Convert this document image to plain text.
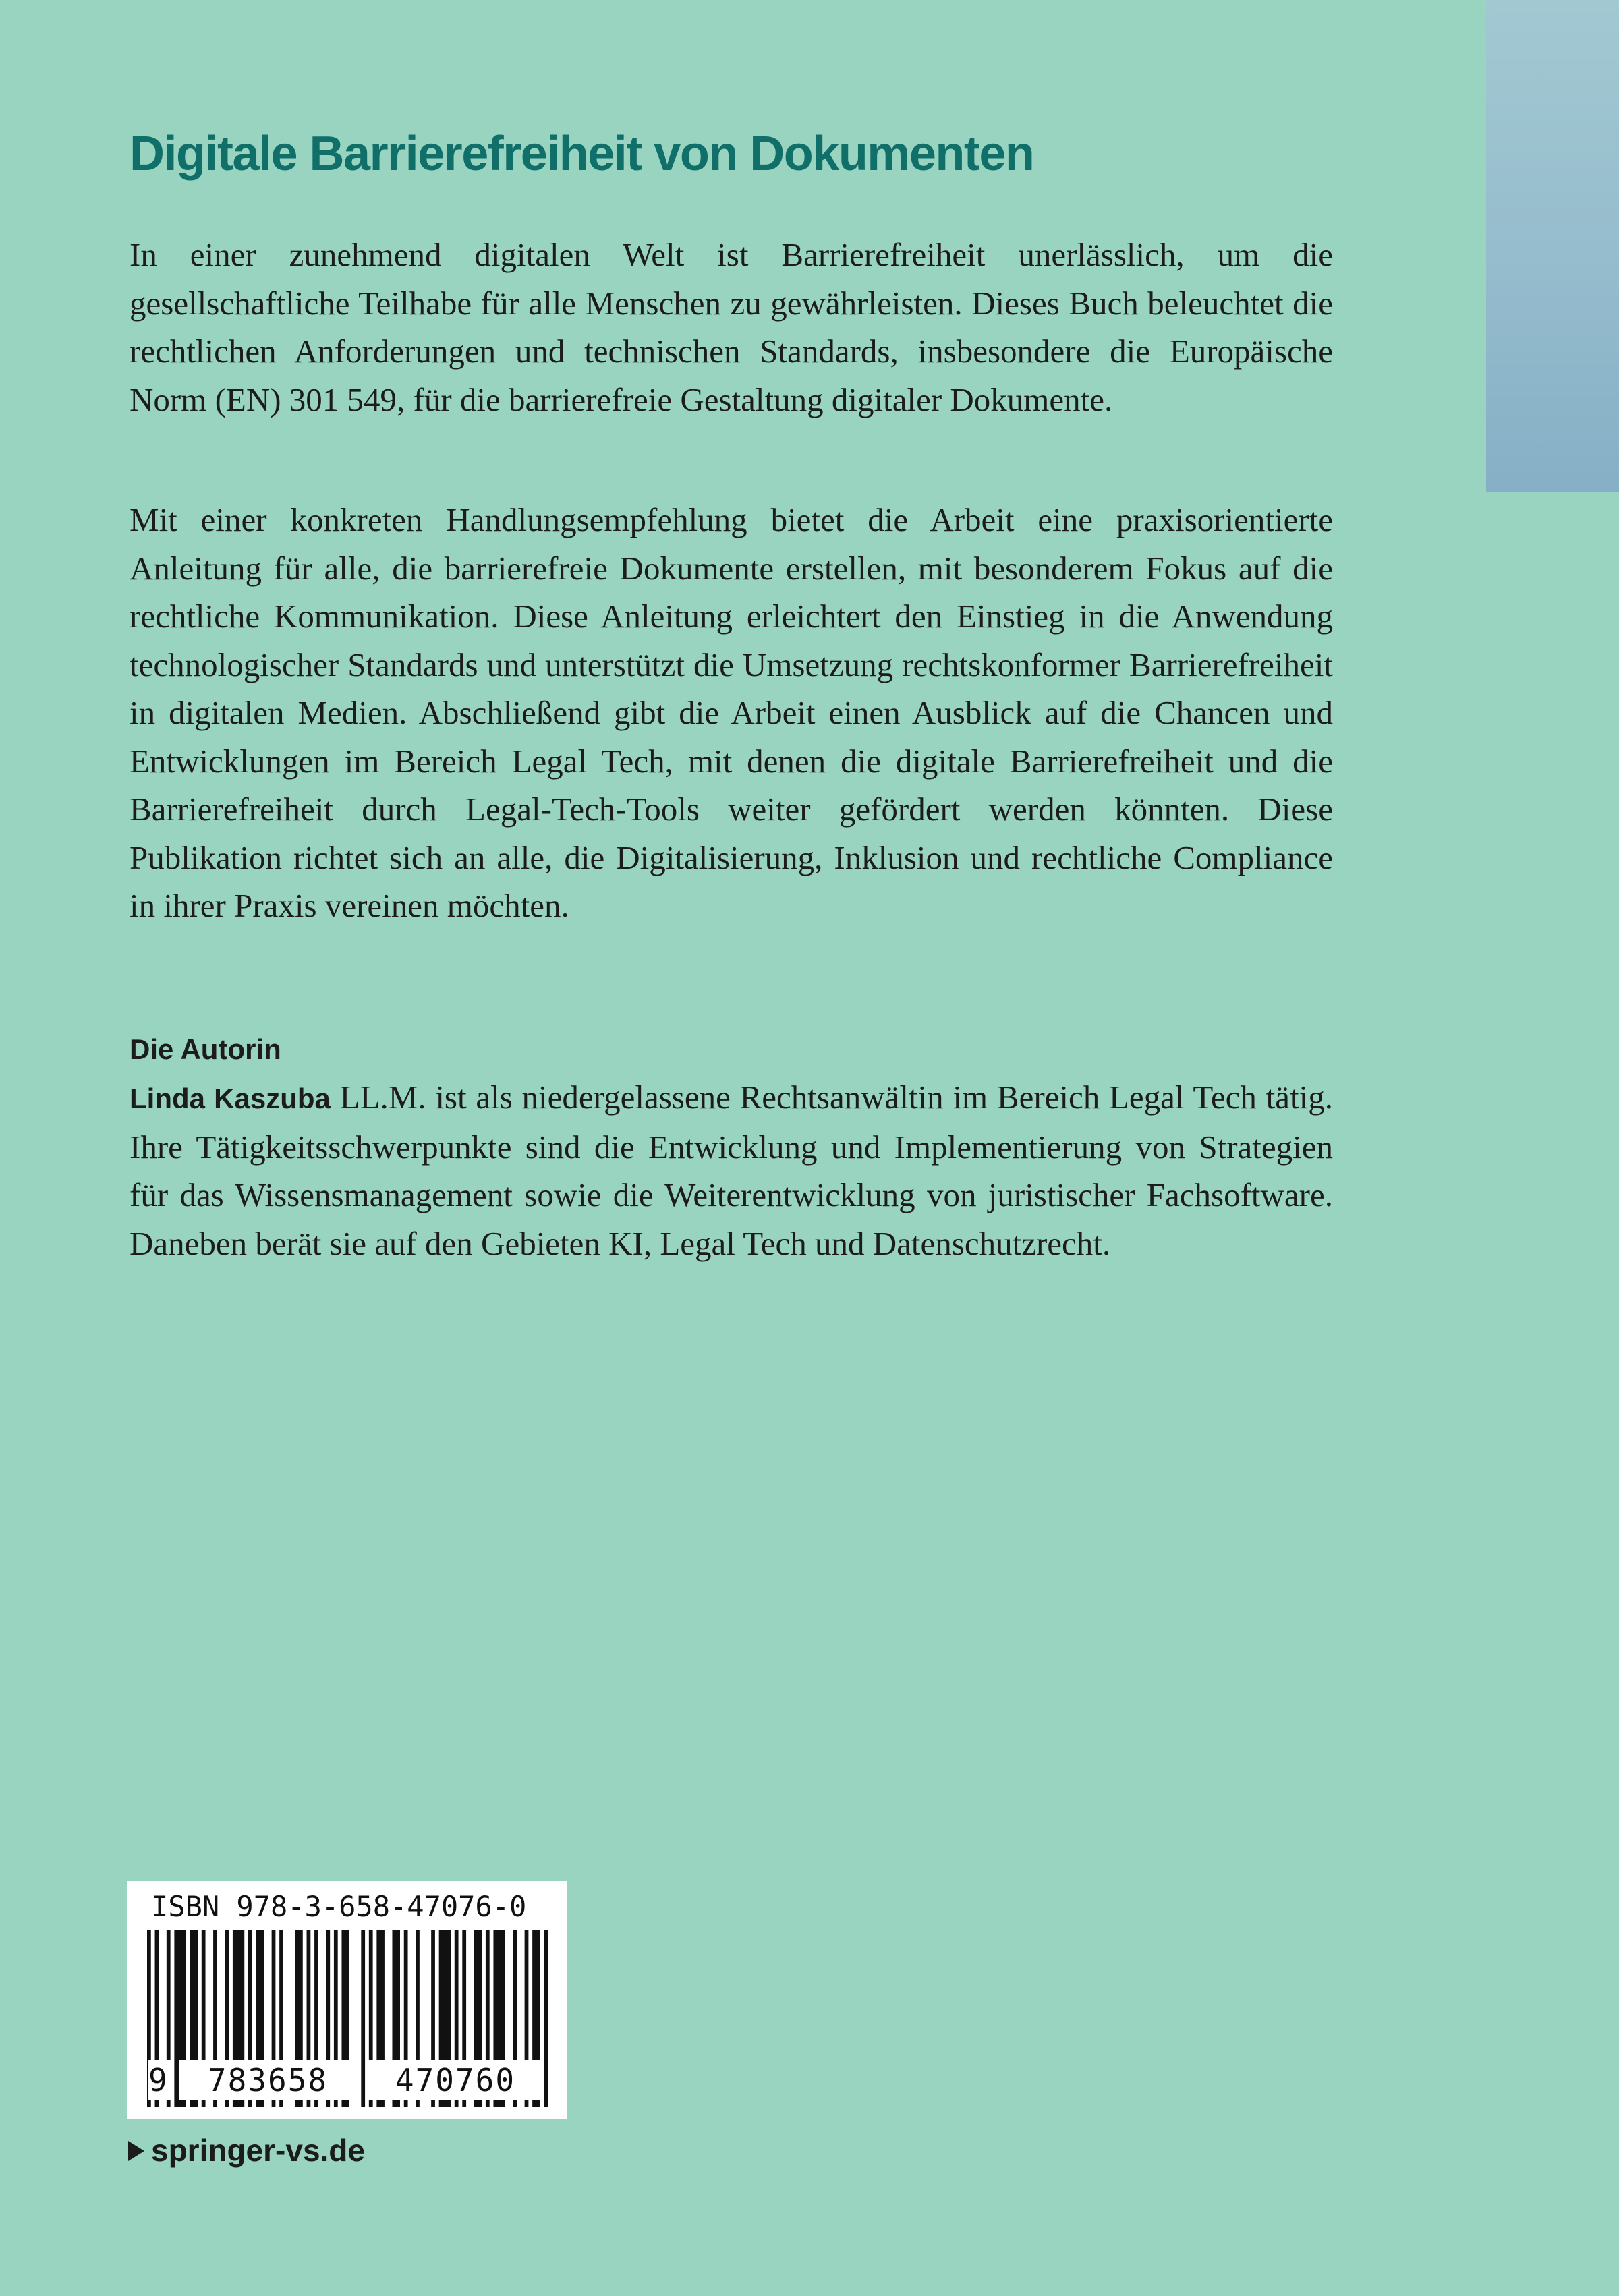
Digitale Barrierefreiheit von Dokumenten

In einer zunehmend digitalen Welt ist Barrierefreiheit unerlässlich, um die gesellschaftliche Teilhabe für alle Menschen zu gewährleisten. Dieses Buch beleuchtet die rechtlichen Anforderungen und technischen Standards, insbesondere die Europäische Norm (EN) 301 549, für die barrierefreie Gestaltung digitaler Dokumente.

Mit einer konkreten Handlungsempfehlung bietet die Arbeit eine praxisorientierte Anleitung für alle, die barrierefreie Dokumente erstellen, mit besonderem Fokus auf die rechtliche Kommunikation. Diese Anleitung erleichtert den Einstieg in die Anwendung technologischer Standards und unterstützt die Umsetzung rechtskonformer Barrierefreiheit in digitalen Medien. Abschließend gibt die Arbeit einen Ausblick auf die Chancen und Entwicklungen im Bereich Legal Tech, mit denen die digitale Barrierefreiheit und die Barrierefreiheit durch Legal-Tech-Tools weiter gefördert werden könnten. Diese Publikation richtet sich an alle, die Digitalisierung, Inklusion und rechtliche Compliance in ihrer Praxis vereinen möchten.

Die Autorin

Linda Kaszuba LL.M. ist als niedergelassene Rechtsanwältin im Bereich Legal Tech tätig. Ihre Tätigkeitsschwerpunkte sind die Entwicklung und Implementierung von Strategien für das Wissensmanagement sowie die Weiterentwicklung von juristischer Fachsoftware. Daneben berät sie auf den Gebieten KI, Legal Tech und Datenschutzrecht.

ISBN 978-3-658-47076-0
9	783658	470760
springer-vs.de
